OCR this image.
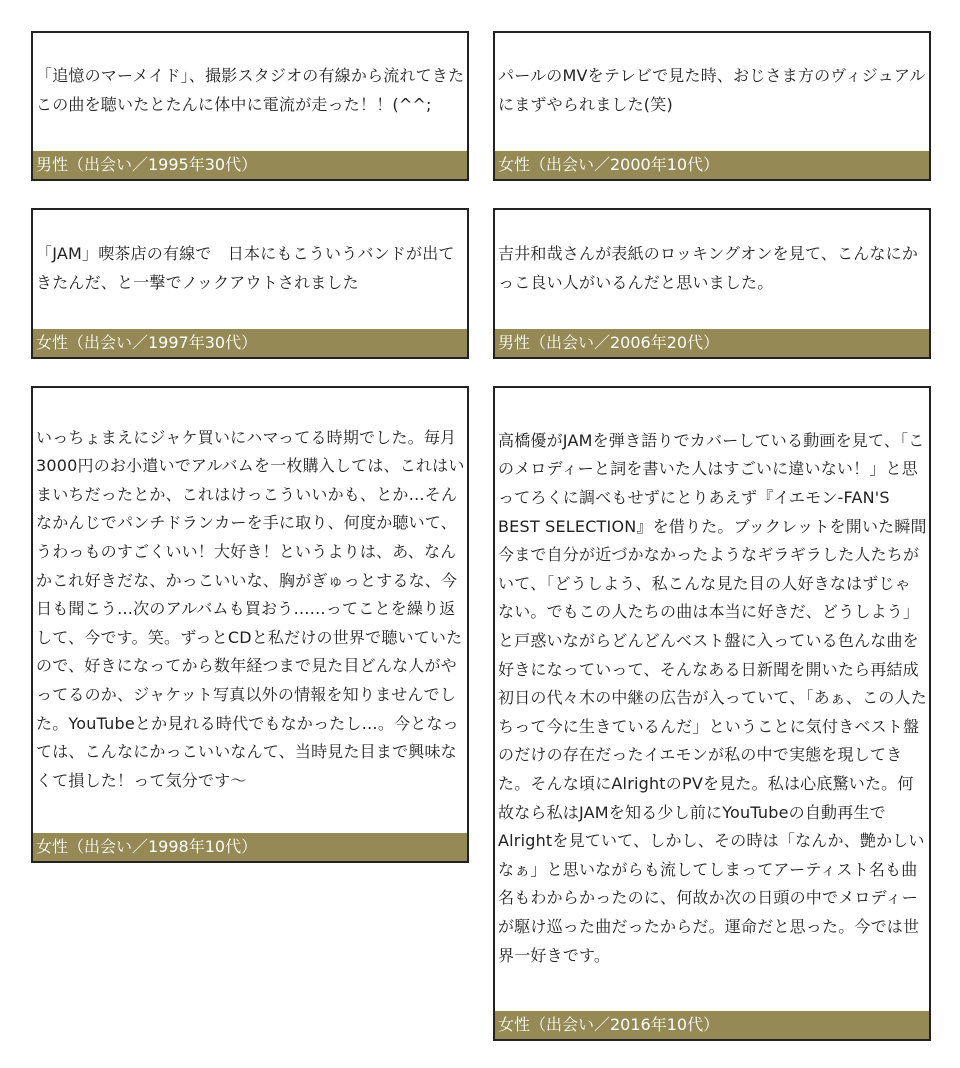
「追憶のマーメイド」、撮影スタジオの有線から流れてきたこの曲を聴いたとたんに体中に電流が走った！！(^^;
男性（出会い／1995年30代）
「JAM」喫茶店の有線で　日本にもこういうバンドが出てきたんだ、と一撃でノックアウトされました
女性（出会い／1997年30代）
いっちょまえにジャケ買いにハマってる時期でした。毎月3000円のお小遣いでアルバムを一枚購入しては、これはいまいちだったとか、これはけっこういいかも、とか…そんなかんじでパンチドランカーを手に取り、何度か聴いて、うわっものすごくいい！大好き！というよりは、あ、なんかこれ好きだな、かっこいいな、胸がぎゅっとするな、今日も聞こう…次のアルバムも買おう……ってことを繰り返して、今です。笑。ずっとCDと私だけの世界で聴いていたので、好きになってから数年経つまで見た目どんな人がやってるのか、ジャケット写真以外の情報を知りませんでした。YouTubeとか見れる時代でもなかったし…。今となっては、こんなにかっこいいなんて、当時見た目まで興味なくて損した！って気分です～
女性（出会い／1998年10代）
パールのMVをテレビで見た時、おじさま方のヴィジュアルにまずやられました(笑)
女性（出会い／2000年10代）
吉井和哉さんが表紙のロッキングオンを見て、こんなにかっこ良い人がいるんだと思いました。
男性（出会い／2006年20代）
高橋優がJAMを弾き語りでカバーしている動画を見て、「このメロディーと詞を書いた人はすごいに違いない！」と思ってろくに調べもせずにとりあえず『イエモン-FAN'S BEST SELECTION』を借りた。ブックレットを開いた瞬間今まで自分が近づかなかったようなギラギラした人たちがいて、「どうしよう、私こんな見た目の人好きなはずじゃない。でもこの人たちの曲は本当に好きだ、どうしよう」と戸惑いながらどんどんベスト盤に入っている色んな曲を好きになっていって、そんなある日新聞を開いたら再結成初日の代々木の中継の広告が入っていて、「あぁ、この人たちって今に生きているんだ」ということに気付きベスト盤のだけの存在だったイエモンが私の中で実態を現してきた。そんな頃にAlrightのPVを見た。私は心底驚いた。何故なら私はJAMを知る少し前にYouTubeの自動再生でAlrightを見ていて、しかし、その時は「なんか、艶かしいなぁ」と思いながらも流してしまってアーティスト名も曲名もわからかったのに、何故か次の日頭の中でメロディーが駆け巡った曲だったからだ。運命だと思った。今では世界一好きです。
女性（出会い／2016年10代）
